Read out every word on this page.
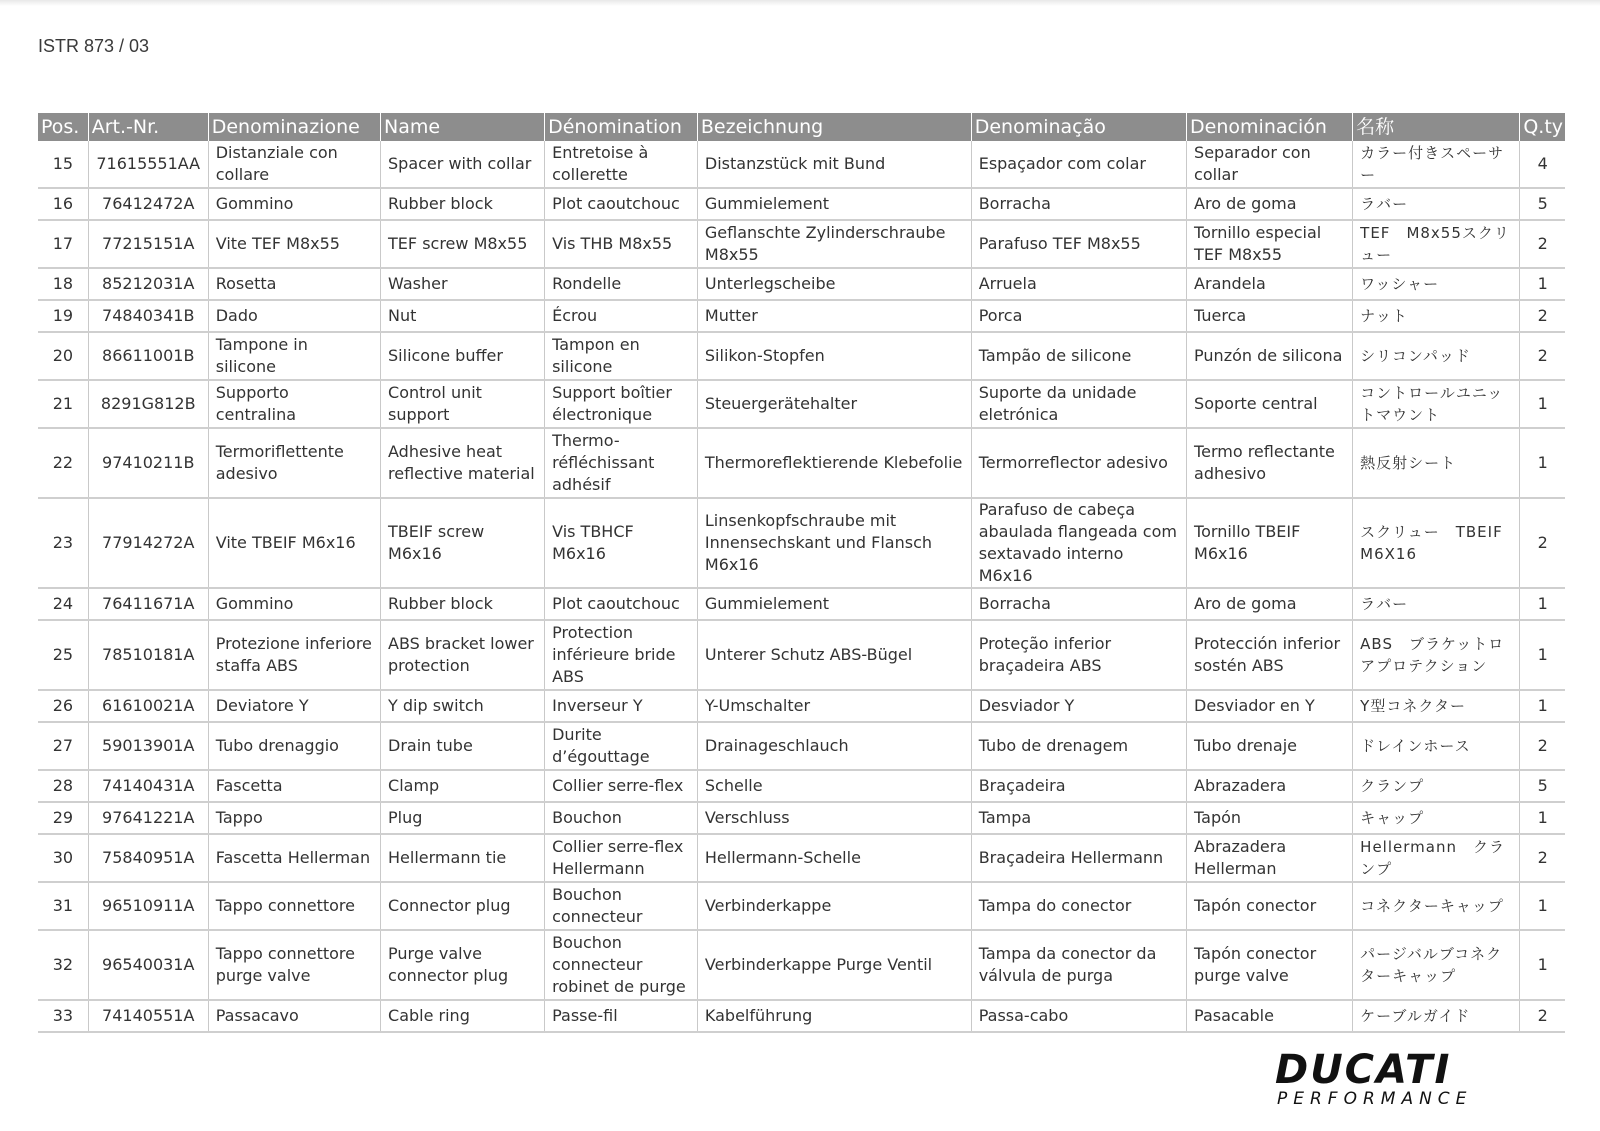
ISTR 873 / 03
Pos.	Art.-Nr.	Denominazione	Name	Dénomination	Bezeichnung	Denominação	Denominación	名称	Q.ty
15	71615551AA	Distanziale con collare	Spacer with collar	Entretoise à collerette	Distanzstück mit Bund	Espaçador com colar	Separador con collar	カラー付きスペーサー	4
16	76412472A	Gommino	Rubber block	Plot caoutchouc	Gummielement	Borracha	Aro de goma	ラバー	5
17	77215151A	Vite TEF M8x55	TEF screw M8x55	Vis THB M8x55	Geflanschte Zylinderschraube M8x55	Parafuso TEF M8x55	Tornillo especial TEF M8x55	TEF　M8x55スクリュー	2
18	85212031A	Rosetta	Washer	Rondelle	Unterlegscheibe	Arruela	Arandela	ワッシャー	1
19	74840341B	Dado	Nut	Écrou	Mutter	Porca	Tuerca	ナット	2
20	86611001B	Tampone in silicone	Silicone buffer	Tampon en silicone	Silikon-Stopfen	Tampão de silicone	Punzón de silicona	シリコンパッド	2
21	8291G812B	Supporto centralina	Control unit support	Support boîtier électronique	Steuergerätehalter	Suporte da unidade eletrónica	Soporte central	コントロールユニットマウント	1
22	97410211B	Termoriflettente adesivo	Adhesive heat reflective material	Thermo-réfléchissant adhésif	Thermoreflektierende Klebefolie	Termorreflector adesivo	Termo reflectante adhesivo	熱反射シート	1
23	77914272A	Vite TBEIF M6x16	TBEIF screw M6x16	Vis TBHCF M6x16	Linsenkopfschraube mit Innensechskant und Flansch M6x16	Parafuso de cabeça abaulada flangeada com sextavado interno M6x16	Tornillo TBEIF M6x16	スクリュー　TBEIF M6X16	2
24	76411671A	Gommino	Rubber block	Plot caoutchouc	Gummielement	Borracha	Aro de goma	ラバー	1
25	78510181A	Protezione inferiore staffa ABS	ABS bracket lower protection	Protection inférieure bride ABS	Unterer Schutz ABS-Bügel	Proteção inferior braçadeira ABS	Protección inferior sostén ABS	ABS　ブラケットロアプロテクション	1
26	61610021A	Deviatore Y	Y dip switch	Inverseur Y	Y-Umschalter	Desviador Y	Desviador en Y	Y型コネクター	1
27	59013901A	Tubo drenaggio	Drain tube	Durite d’égouttage	Drainageschlauch	Tubo de drenagem	Tubo drenaje	ドレインホース	2
28	74140431A	Fascetta	Clamp	Collier serre-flex	Schelle	Braçadeira	Abrazadera	クランプ	5
29	97641221A	Tappo	Plug	Bouchon	Verschluss	Tampa	Tapón	キャップ	1
30	75840951A	Fascetta Hellerman	Hellermann tie	Collier serre-flex Hellermann	Hellermann-Schelle	Braçadeira Hellermann	Abrazadera Hellerman	Hellermann　クランプ	2
31	96510911A	Tappo connettore	Connector plug	Bouchon connecteur	Verbinderkappe	Tampa do conector	Tapón conector	コネクターキャップ	1
32	96540031A	Tappo connettore purge valve	Purge valve connector plug	Bouchon connecteur robinet de purge	Verbinderkappe Purge Ventil	Tampa da conector da válvula de purga	Tapón conector purge valve	パージバルブコネクターキャップ	1
33	74140551A	Passacavo	Cable ring	Passe-fil	Kabelführung	Passa-cabo	Pasacable	ケーブルガイド	2
DUCATI
PERFORMANCE
